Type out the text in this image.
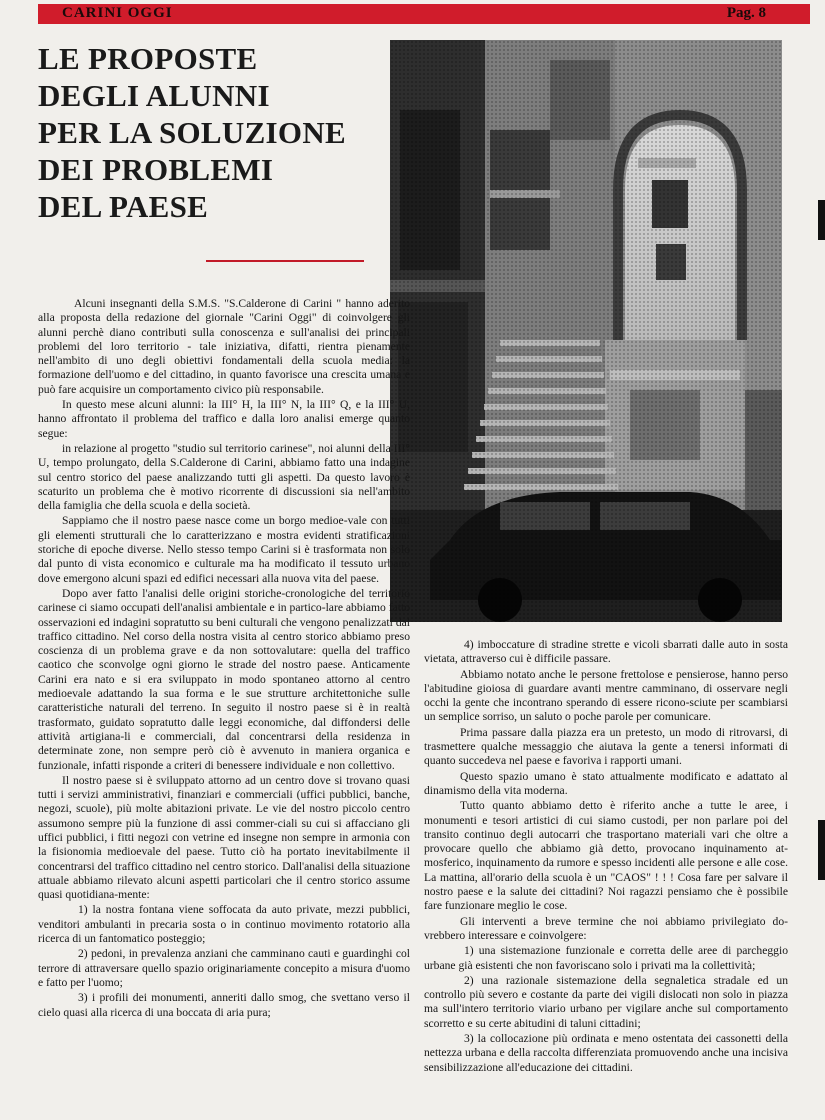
CARINI OGGI	Pag. 8
LE PROPOSTE
DEGLI ALUNNI
PER LA SOLUZIONE
DEI PROBLEMI
DEL PAESE

Alcuni insegnanti della S.M.S. "S.Calderone di Carini " hanno aderito alla proposta della redazione del giornale "Carini Oggi" di coinvolgere gli alunni perchè diano contributi sulla conoscenza e sull'analisi dei principali problemi del loro territorio - tale iniziativa, difatti, rientra pienamente nell'ambito di uno degli obiettivi fondamentali della scuola media: la formazione dell'uomo e del cittadino, in quanto favorisce una crescita umana e può fare acquisire un comportamento civico più responsabile.

In questo mese alcuni alunni: la III° H, la III° N, la III° Q, e la III° U, hanno affrontato il problema del traffico e dalla loro analisi emerge quanto segue:

in relazione al progetto "studio sul territorio carinese", noi alunni della III° U, tempo prolungato, della S.Calderone di Carini, abbiamo fatto una indagine sul centro storico del paese analizzando tutti gli aspetti. Da questo lavoro è scaturito un problema che è motivo ricorrente di discussioni sia nell'ambito della famiglia che della scuola e della società.

Sappiamo che il nostro paese nasce come un borgo medioe-vale con tutti gli elementi strutturali che lo caratterizzano e mostra evidenti stratificazioni storiche di epoche diverse. Nello stesso tempo Carini si è trasformata non solo dal punto di vista economico e culturale ma ha modificato il tessuto urbano dove emergono alcuni spazi ed edifici necessari alla nuova vita del paese.

Dopo aver fatto l'analisi delle origini storiche-cronologiche del territorio carinese ci siamo occupati dell'analisi ambientale e in partico-lare abbiamo fatto osservazioni ed indagini sopratutto su beni culturali che vengono penalizzati dal traffico cittadino. Nel corso della nostra visita al centro storico abbiamo preso coscienza di un problema grave e da non sottovalutare: quella del traffico caotico che sconvolge ogni giorno le strade del nostro paese. Anticamente Carini era nato e si era sviluppato in modo spontaneo attorno al centro medioevale adattando la sua forma e le sue strutture architettoniche sulle caratteristiche naturali del terreno. In seguito il nostro paese si è in realtà trasformato, guidato sopratutto dalle leggi economiche, dal diffondersi delle attività artigiana-li e commerciali, dal concentrarsi della residenza in determinate zone, non sempre però ciò è avvenuto in maniera organica e funzionale, infatti risponde a criteri di benessere individuale e non collettivo.

Il nostro paese si è sviluppato attorno ad un centro dove si trovano quasi tutti i servizi amministrativi, finanziari e commerciali (uffici pubblici, banche, negozi, scuole), più molte abitazioni private. Le vie del nostro piccolo centro assumono sempre più la funzione di assi commer-ciali su cui si affacciano gli uffici pubblici, i fitti negozi con vetrine ed insegne non sempre in armonia con la fisionomia medioevale del paese. Tutto ciò ha portato inevitabilmente il concentrarsi del traffico cittadino nel centro storico. Dall'analisi della situazione attuale abbiamo rilevato alcuni aspetti particolari che il centro storico assume quasi quotidiana-mente:

1) la nostra fontana viene soffocata da auto private, mezzi pubblici, venditori ambulanti in precaria sosta o in continuo movimento rotatorio alla ricerca di un fantomatico posteggio;

2) pedoni, in prevalenza anziani che camminano cauti e guardinghi col terrore di attraversare quello spazio originariamente concepito a misura d'uomo e fatto per l'uomo;

3) i profili dei monumenti, anneriti dallo smog, che svettano verso il cielo quasi alla ricerca di una boccata di aria pura;

4) imboccature di stradine strette e vicoli sbarrati dalle auto in sosta vietata, attraverso cui è difficile passare.

Abbiamo notato anche le persone frettolose e pensierose, hanno perso l'abitudine gioiosa di guardare avanti mentre camminano, di osservare negli occhi la gente che incontrano sperando di essere ricono-sciute per scambiarsi un semplice sorriso, un saluto o poche parole per comunicare.

Prima passare dalla piazza era un pretesto, un modo di ritrovarsi, di trasmettere qualche messaggio che aiutava la gente a tenersi informati di quanto succedeva nel paese e favoriva i rapporti umani.

Questo spazio umano è stato attualmente modificato e adattato al dinamismo della vita moderna.

Tutto quanto abbiamo detto è riferito anche a tutte le aree, i monumenti e tesori artistici di cui siamo custodi, per non parlare poi del transito continuo degli autocarri che trasportano materiali vari che oltre a provocare quello che abbiamo già detto, provocano inquinamento at-mosferico, inquinamento da rumore e spesso incidenti alle persone e alle cose. La mattina, all'orario della scuola è un "CAOS" ! ! ! Cosa fare per salvare il nostro paese e la salute dei cittadini? Noi ragazzi pensiamo che è possibile fare funzionare meglio le cose.

Gli interventi a breve termine che noi abbiamo privilegiato do-vrebbero interessare e coinvolgere:

1) una sistemazione funzionale e corretta delle aree di parcheggio urbane già esistenti che non favoriscano solo i privati ma la collettività;

2) una razionale sistemazione della segnaletica stradale ed un controllo più severo e costante da parte dei vigili dislocati non solo in piazza ma sull'intero territorio viario urbano per vigilare anche sul comportamento scorretto e su certe abitudini di taluni cittadini;

3) la collocazione più ordinata e meno ostentata dei cassonetti della nettezza urbana e della raccolta differenziata promuovendo anche una incisiva sensibilizzazione all'educazione dei cittadini.
